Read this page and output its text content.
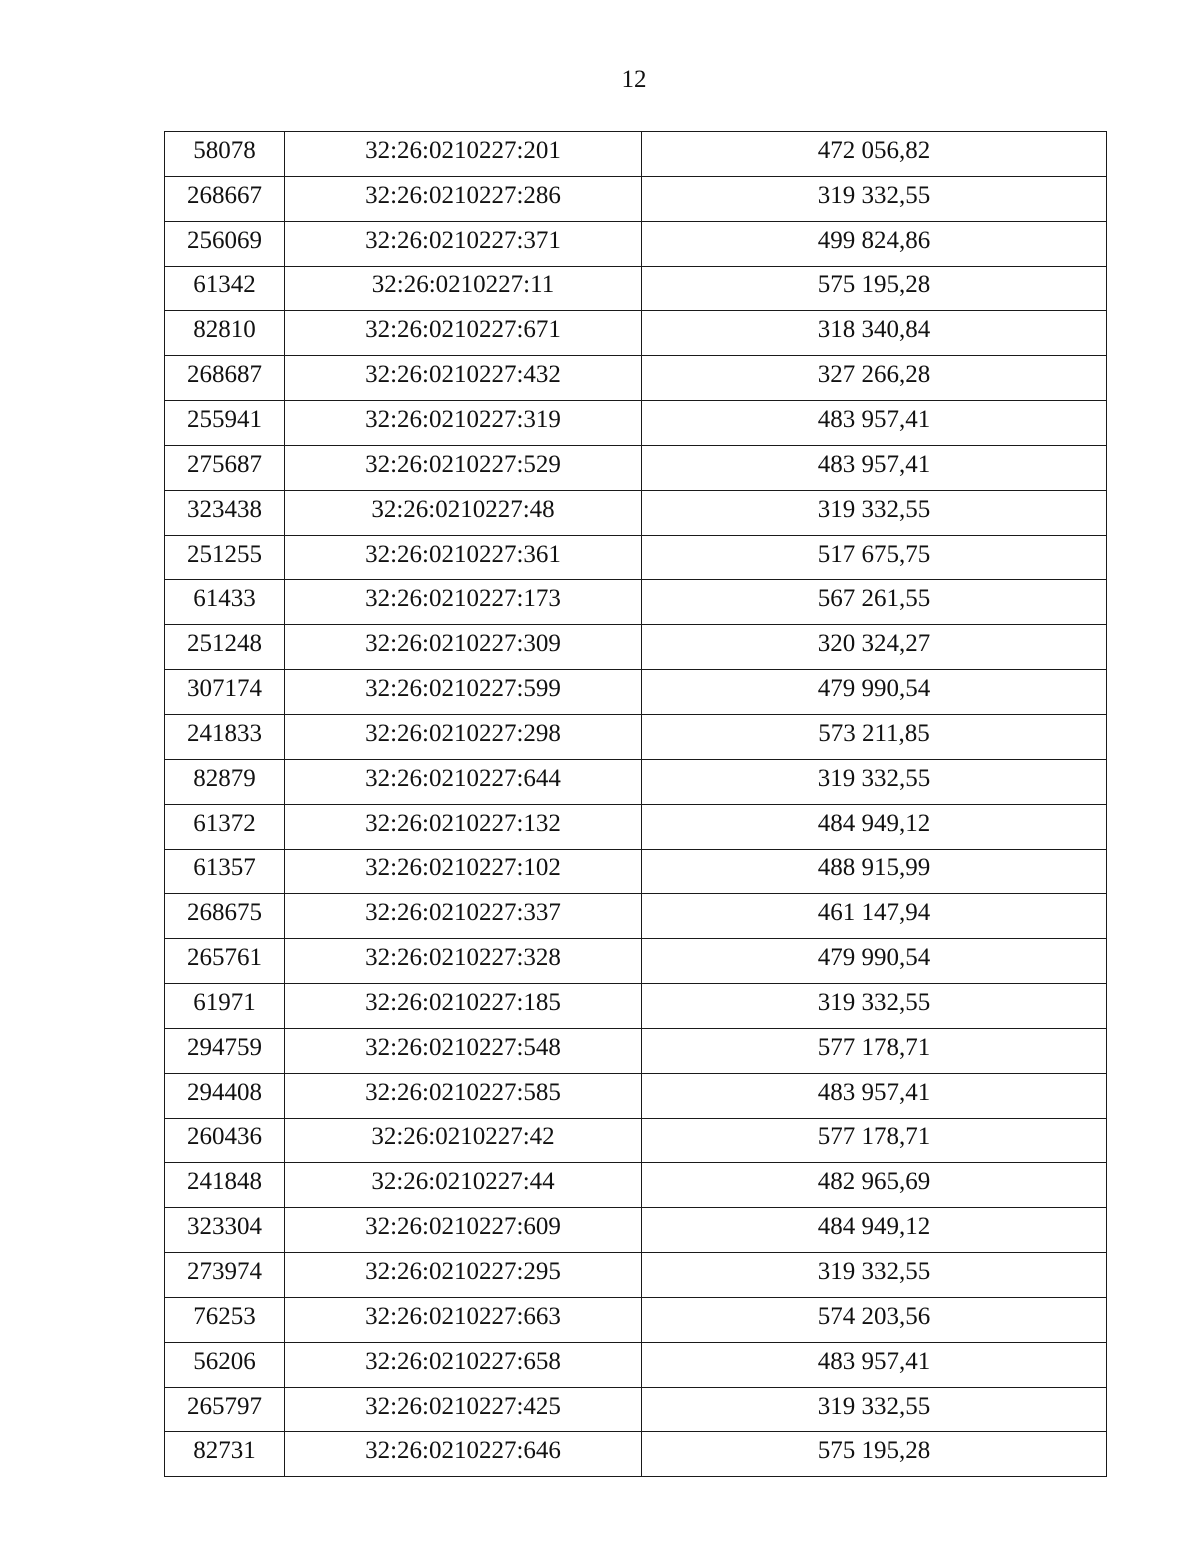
12
58078	32:26:0210227:201	472 056,82
268667	32:26:0210227:286	319 332,55
256069	32:26:0210227:371	499 824,86
61342	32:26:0210227:11	575 195,28
82810	32:26:0210227:671	318 340,84
268687	32:26:0210227:432	327 266,28
255941	32:26:0210227:319	483 957,41
275687	32:26:0210227:529	483 957,41
323438	32:26:0210227:48	319 332,55
251255	32:26:0210227:361	517 675,75
61433	32:26:0210227:173	567 261,55
251248	32:26:0210227:309	320 324,27
307174	32:26:0210227:599	479 990,54
241833	32:26:0210227:298	573 211,85
82879	32:26:0210227:644	319 332,55
61372	32:26:0210227:132	484 949,12
61357	32:26:0210227:102	488 915,99
268675	32:26:0210227:337	461 147,94
265761	32:26:0210227:328	479 990,54
61971	32:26:0210227:185	319 332,55
294759	32:26:0210227:548	577 178,71
294408	32:26:0210227:585	483 957,41
260436	32:26:0210227:42	577 178,71
241848	32:26:0210227:44	482 965,69
323304	32:26:0210227:609	484 949,12
273974	32:26:0210227:295	319 332,55
76253	32:26:0210227:663	574 203,56
56206	32:26:0210227:658	483 957,41
265797	32:26:0210227:425	319 332,55
82731	32:26:0210227:646	575 195,28
